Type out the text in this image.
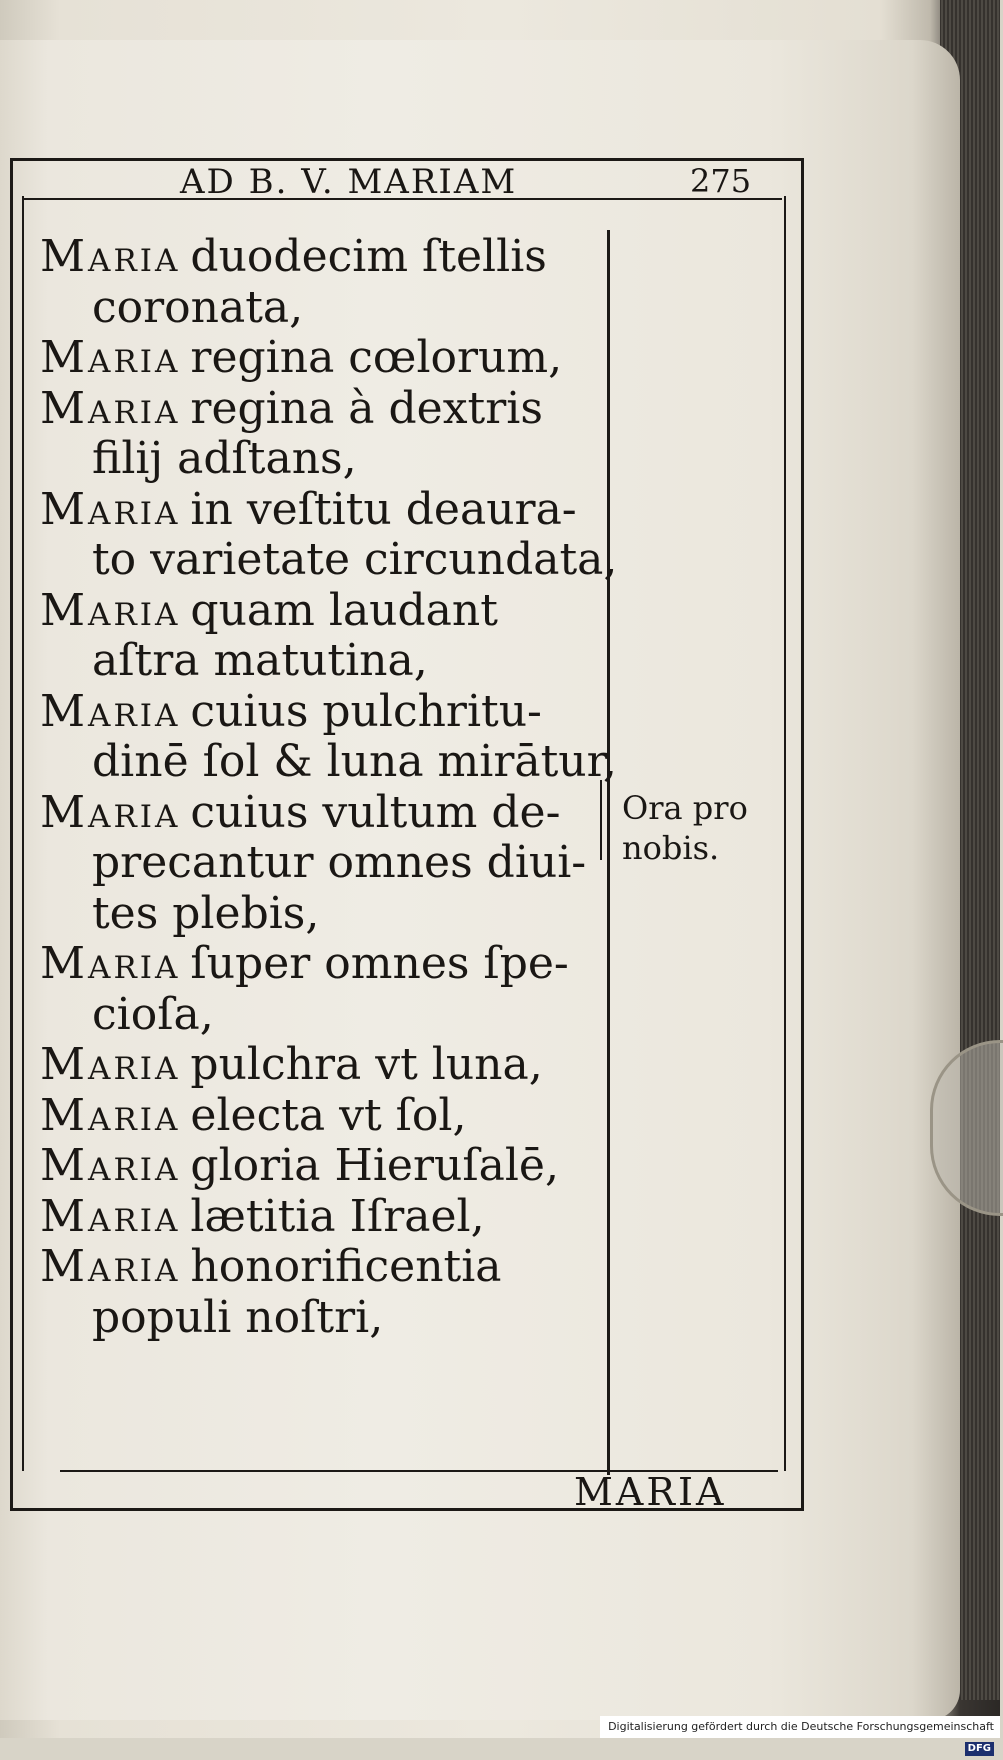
AD B. V. MARIAM	275
Maria duodecim ſtellis
coronata,
Maria regina cœlorum,
Maria regina à dextris
filij adſtans,
Maria in veſtitu deaura-
to varietate circundata,
Maria quam laudant
aſtra matutina,
Maria cuius pulchritu-
dinē ſol & luna mirātur,
Maria cuius vultum de-
precantur omnes diui-
tes plebis,
Maria ſuper omnes ſpe-
cioſa,
Maria pulchra vt luna,
Maria electa vt ſol,
Maria gloria Hieruſalē,
Maria lætitia Iſrael,
Maria honorificentia
populi noſtri,
Ora pro
nobis.
MARIA
Digitalisierung gefördert durch die Deutsche ForschungsgemeinschaftDFG
